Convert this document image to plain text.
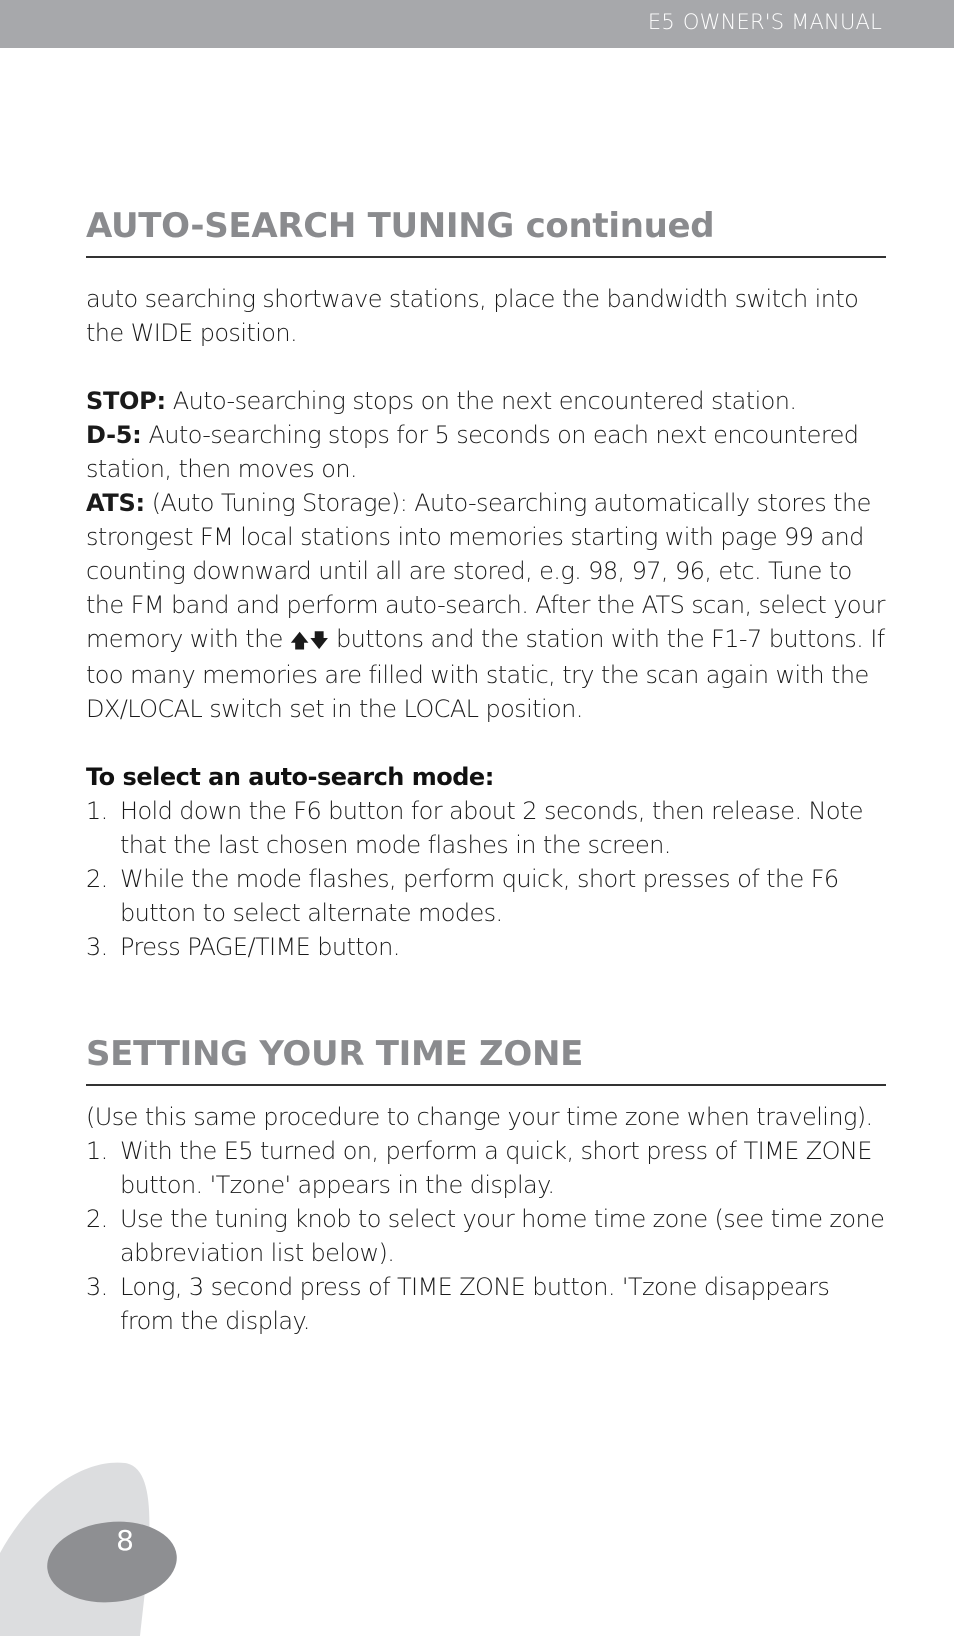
E5 OWNER'S MANUAL
AUTO-SEARCH TUNING continued

auto searching shortwave stations, place the bandwidth switch into the WIDE position.

STOP: Auto-searching stops on the next encountered station.

D-5: Auto-searching stops for 5 seconds on each next encountered station, then moves on.

ATS: (Auto Tuning Storage): Auto-searching automatically stores the strongest FM local stations into memories starting with page 99 and counting downward until all are stored, e.g. 98, 97, 96, etc. Tune to the FM band and perform auto-search. After the ATS scan, select your memory with the 🡅🡇 buttons and the station with the F1-7 buttons. If too many memories are filled with static, try the scan again with the DX/LOCAL switch set in the LOCAL position.

To select an auto-search mode:

1. Hold down the F6 button for about 2 seconds, then release. Note that the last chosen mode flashes in the screen.
2. While the mode flashes, perform quick, short presses of the F6 button to select alternate modes.
3. Press PAGE/TIME button.
SETTING YOUR TIME ZONE

(Use this same procedure to change your time zone when traveling).

1. With the E5 turned on, perform a quick, short press of TIME ZONE button. 'Tzone' appears in the display.
2. Use the tuning knob to select your home time zone (see time zone abbreviation list below).
3. Long, 3 second press of TIME ZONE button. 'Tzone disappears from the display.
8
